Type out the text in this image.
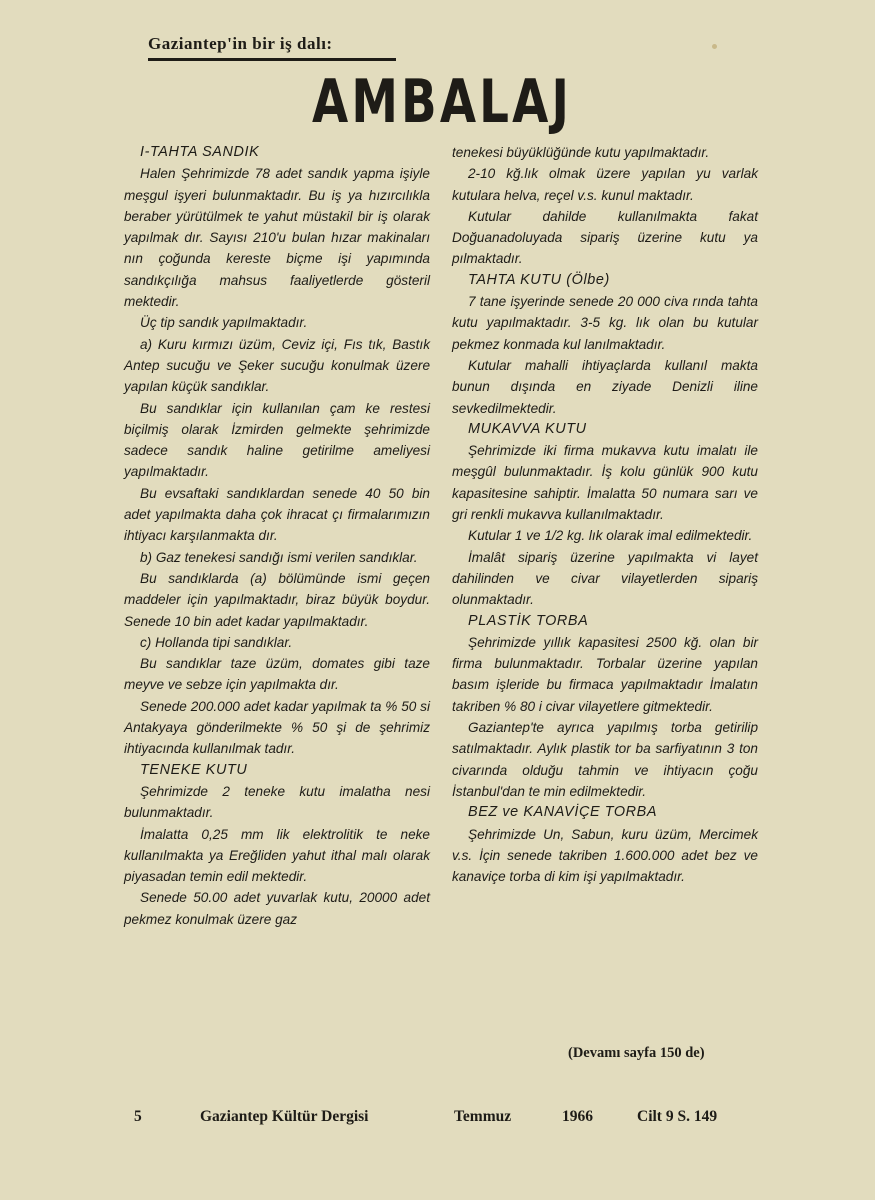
Gaziantep'in bir iş dalı:
AMBALAJ
I-TAHTA SANDIK

Halen Şehrimizde 78 adet sandık yapma işiyle meşgul işyeri bulunmaktadır. Bu iş ya hızırcılıkla beraber yürütülmek te yahut müstakil bir iş olarak yapılmak dır. Sayısı 210'u bulan hızar makinaları nın çoğunda kereste biçme işi yapımında sandıkçılığa mahsus faaliyetlerde gösteril mektedir.

Üç tip sandık yapılmaktadır.

a) Kuru kırmızı üzüm, Ceviz içi, Fıs tık, Bastık Antep sucuğu ve Şeker sucuğu konulmak üzere yapılan küçük sandıklar.

Bu sandıklar için kullanılan çam ke restesi biçilmiş olarak İzmirden gelmekte şehrimizde sadece sandık haline getirilme ameliyesi yapılmaktadır.

Bu evsaftaki sandıklardan senede 40 50 bin adet yapılmakta daha çok ihracat çı firmalarımızın ihtiyacı karşılanmakta dır.

b) Gaz tenekesi sandığı ismi verilen sandıklar.

Bu sandıklarda (a) bölümünde ismi geçen maddeler için yapılmaktadır, biraz büyük boydur. Senede 10 bin adet kadar yapılmaktadır.

c) Hollanda tipi sandıklar.

Bu sandıklar taze üzüm, domates gibi taze meyve ve sebze için yapılmakta dır.

Senede 200.000 adet kadar yapılmak ta % 50 si Antakyaya gönderilmekte % 50 şi de şehrimiz ihtiyacında kullanılmak tadır.

TENEKE KUTU

Şehrimizde 2 teneke kutu imalatha nesi bulunmaktadır.

İmalatta 0,25 mm lik elektrolitik te neke kullanılmakta ya Ereğliden yahut ithal malı olarak piyasadan temin edil mektedir.

Senede 50.00 adet yuvarlak kutu, 20000 adet pekmez konulmak üzere gaz

tenekesi büyüklüğünde kutu yapılmaktadır.

2-10 kğ.lık olmak üzere yapılan yu varlak kutulara helva, reçel v.s. kunul maktadır.

Kutular dahilde kullanılmakta fakat Doğuanadoluyada sipariş üzerine kutu ya pılmaktadır.

TAHTA KUTU (Ölbe)

7 tane işyerinde senede 20 000 civa rında tahta kutu yapılmaktadır. 3-5 kg. lık olan bu kutular pekmez konmada kul lanılmaktadır.

Kutular mahalli ihtiyaçlarda kullanıl makta bunun dışında en ziyade Denizli iline sevkedilmektedir.

MUKAVVA KUTU

Şehrimizde iki firma mukavva kutu imalatı ile meşgûl bulunmaktadır. İş kolu günlük 900 kutu kapasitesine sahiptir. İmalatta 50 numara sarı ve gri renkli mukavva kullanılmaktadır.

Kutular 1 ve 1/2 kg. lık olarak imal edilmektedir.

İmalât sipariş üzerine yapılmakta vi layet dahilinden ve civar vilayetlerden sipariş olunmaktadır.

PLASTİK TORBA

Şehrimizde yıllık kapasitesi 2500 kğ. olan bir firma bulunmaktadır. Torbalar üzerine yapılan basım işleride bu firmaca yapılmaktadır İmalatın takriben % 80 i civar vilayetlere gitmektedir.

Gaziantep'te ayrıca yapılmış torba getirilip satılmaktadır. Aylık plastik tor ba sarfiyatının 3 ton civarında olduğu tahmin ve ihtiyacın çoğu İstanbul'dan te min edilmektedir.

BEZ ve KANAVİÇE TORBA

Şehrimizde Un, Sabun, kuru üzüm, Mercimek v.s. İçin senede takriben 1.600.000 adet bez ve kanaviçe torba di kim işi yapılmaktadır.

(Devamı sayfa 150 de)
5	Gaziantep Kültür Dergisi	Temmuz	1966	Cilt 9 S. 149
